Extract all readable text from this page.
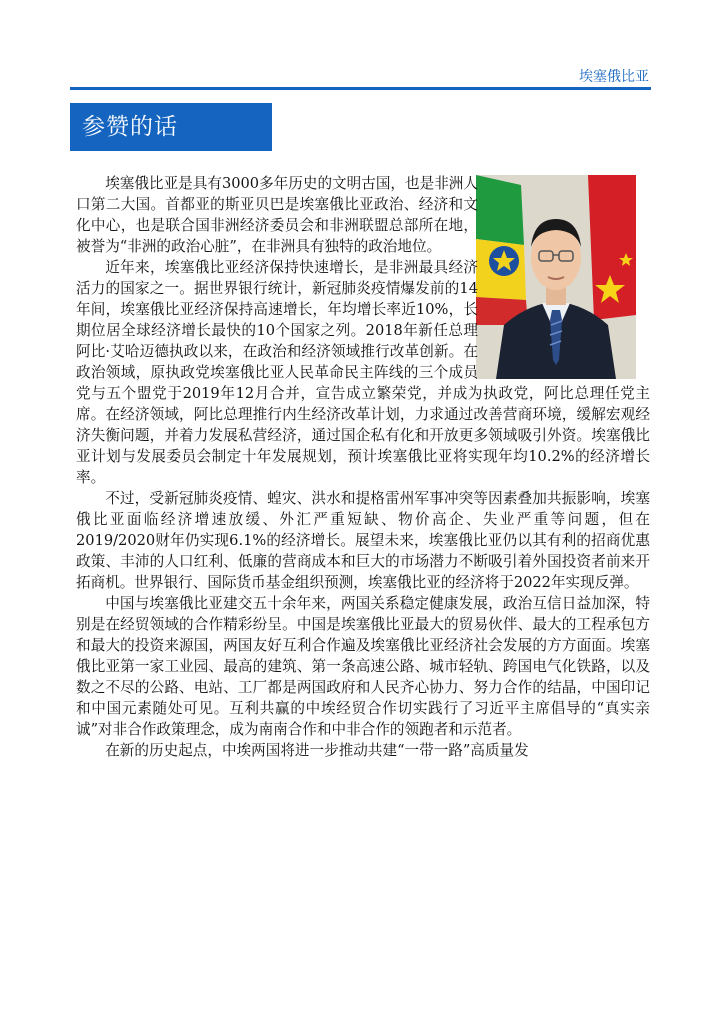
埃塞俄比亚
参赞的话

埃塞俄比亚是具有3000多年历史的文明古国，也是非洲人口第二大国。首都亚的斯亚贝巴是埃塞俄比亚政治、经济和文化中心，也是联合国非洲经济委员会和非洲联盟总部所在地，被誉为“非洲的政治心脏”，在非洲具有独特的政治地位。

近年来，埃塞俄比亚经济保持快速增长，是非洲最具经济活力的国家之一。据世界银行统计，新冠肺炎疫情爆发前的14年间，埃塞俄比亚经济保持高速增长，年均增长率近10%，长期位居全球经济增长最快的10个国家之列。2018年新任总理阿比·艾哈迈德执政以来，在政治和经济领域推行改革创新。在政治领域，原执政党埃塞俄比亚人民革命民主阵线的三个成员党与五个盟党于2019年12月合并，宣告成立繁荣党，并成为执政党，阿比总理任党主席。在经济领域，阿比总理推行内生经济改革计划，力求通过改善营商环境，缓解宏观经济失衡问题，并着力发展私营经济，通过国企私有化和开放更多领域吸引外资。埃塞俄比亚计划与发展委员会制定十年发展规划，预计埃塞俄比亚将实现年均10.2%的经济增长率。

不过，受新冠肺炎疫情、蝗灾、洪水和提格雷州军事冲突等因素叠加共振影响，埃塞俄比亚面临经济增速放缓、外汇严重短缺、物价高企、失业严重等问题，但在2019/2020财年仍实现6.1%的经济增长。展望未来，埃塞俄比亚仍以其有利的招商优惠政策、丰沛的人口红利、低廉的营商成本和巨大的市场潜力不断吸引着外国投资者前来开拓商机。世界银行、国际货币基金组织预测，埃塞俄比亚的经济将于2022年实现反弹。

中国与埃塞俄比亚建交五十余年来，两国关系稳定健康发展，政治互信日益加深，特别是在经贸领域的合作精彩纷呈。中国是埃塞俄比亚最大的贸易伙伴、最大的工程承包方和最大的投资来源国，两国友好互利合作遍及埃塞俄比亚经济社会发展的方方面面。埃塞俄比亚第一家工业园、最高的建筑、第一条高速公路、城市轻轨、跨国电气化铁路，以及数之不尽的公路、电站、工厂都是两国政府和人民齐心协力、努力合作的结晶，中国印记和中国元素随处可见。互利共赢的中埃经贸合作切实践行了习近平主席倡导的“真实亲诚”对非合作政策理念，成为南南合作和中非合作的领跑者和示范者。

在新的历史起点，中埃两国将进一步推动共建“一带一路”高质量发
